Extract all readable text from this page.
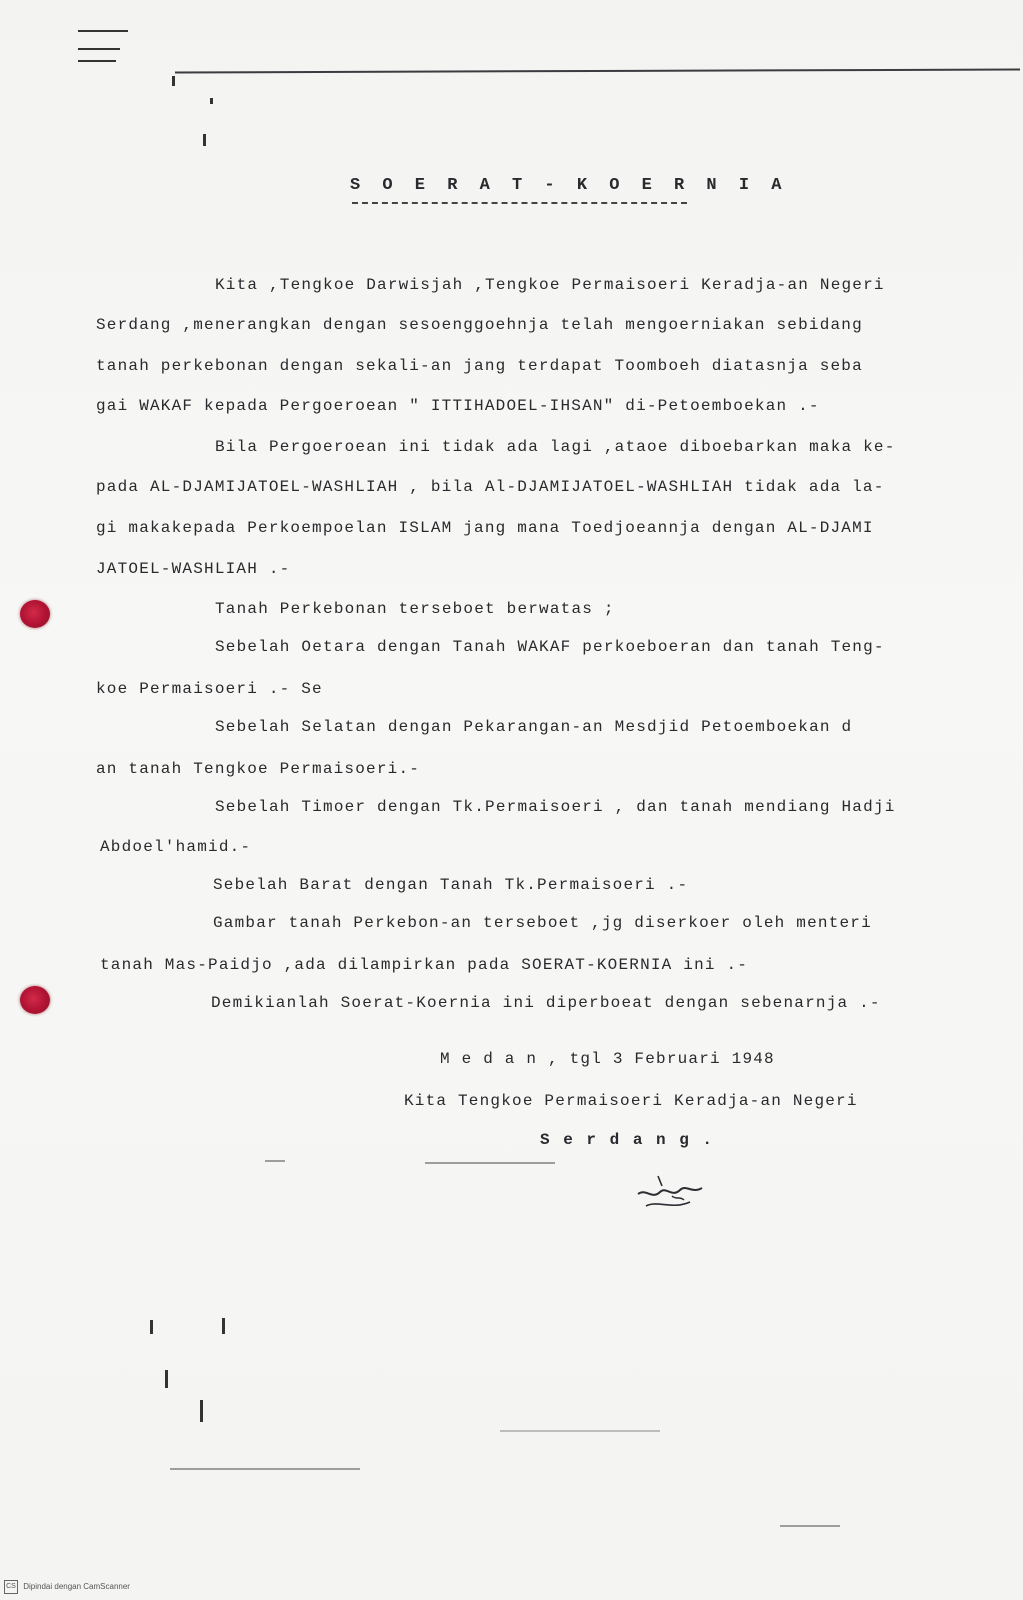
S O E R A T - K O E R N I A
Kita ,Tengkoe Darwisjah ,Tengkoe Permaisoeri Keradja-an Negeri
Serdang ,menerangkan dengan sesoenggoehnja telah mengoerniakan sebidang
tanah perkebonan dengan sekali-an jang terdapat Toomboeh diatasnja seba
gai WAKAF kepada Pergoeroean " ITTIHADOEL-IHSAN" di-Petoemboekan .-
Bila Pergoeroean ini tidak ada lagi ,ataoe diboebarkan maka ke-
pada AL-DJAMIJATOEL-WASHLIAH , bila Al-DJAMIJATOEL-WASHLIAH tidak ada la-
gi makakepada Perkoempoelan ISLAM jang mana Toedjoeannja dengan AL-DJAMI
JATOEL-WASHLIAH .-
Tanah Perkebonan terseboet berwatas ;
Sebelah Oetara dengan Tanah WAKAF perkoeboeran dan tanah Teng-
koe Permaisoeri .- Se
Sebelah Selatan dengan Pekarangan-an Mesdjid Petoemboekan d
an tanah Tengkoe Permaisoeri.-
Sebelah Timoer dengan Tk.Permaisoeri , dan tanah mendiang Hadji
Abdoel'hamid.-
Sebelah Barat dengan Tanah Tk.Permaisoeri .-
Gambar tanah Perkebon-an terseboet ,jg diserkoer oleh menteri
tanah Mas-Paidjo ,ada dilampirkan pada SOERAT-KOERNIA ini .-
Demikianlah Soerat-Koernia ini diperboeat dengan sebenarnja .-
M e d a n , tgl 3 Februari 1948
Kita Tengkoe Permaisoeri Keradja-an Negeri
S e r d a n g .
CS Dipindai dengan CamScanner
